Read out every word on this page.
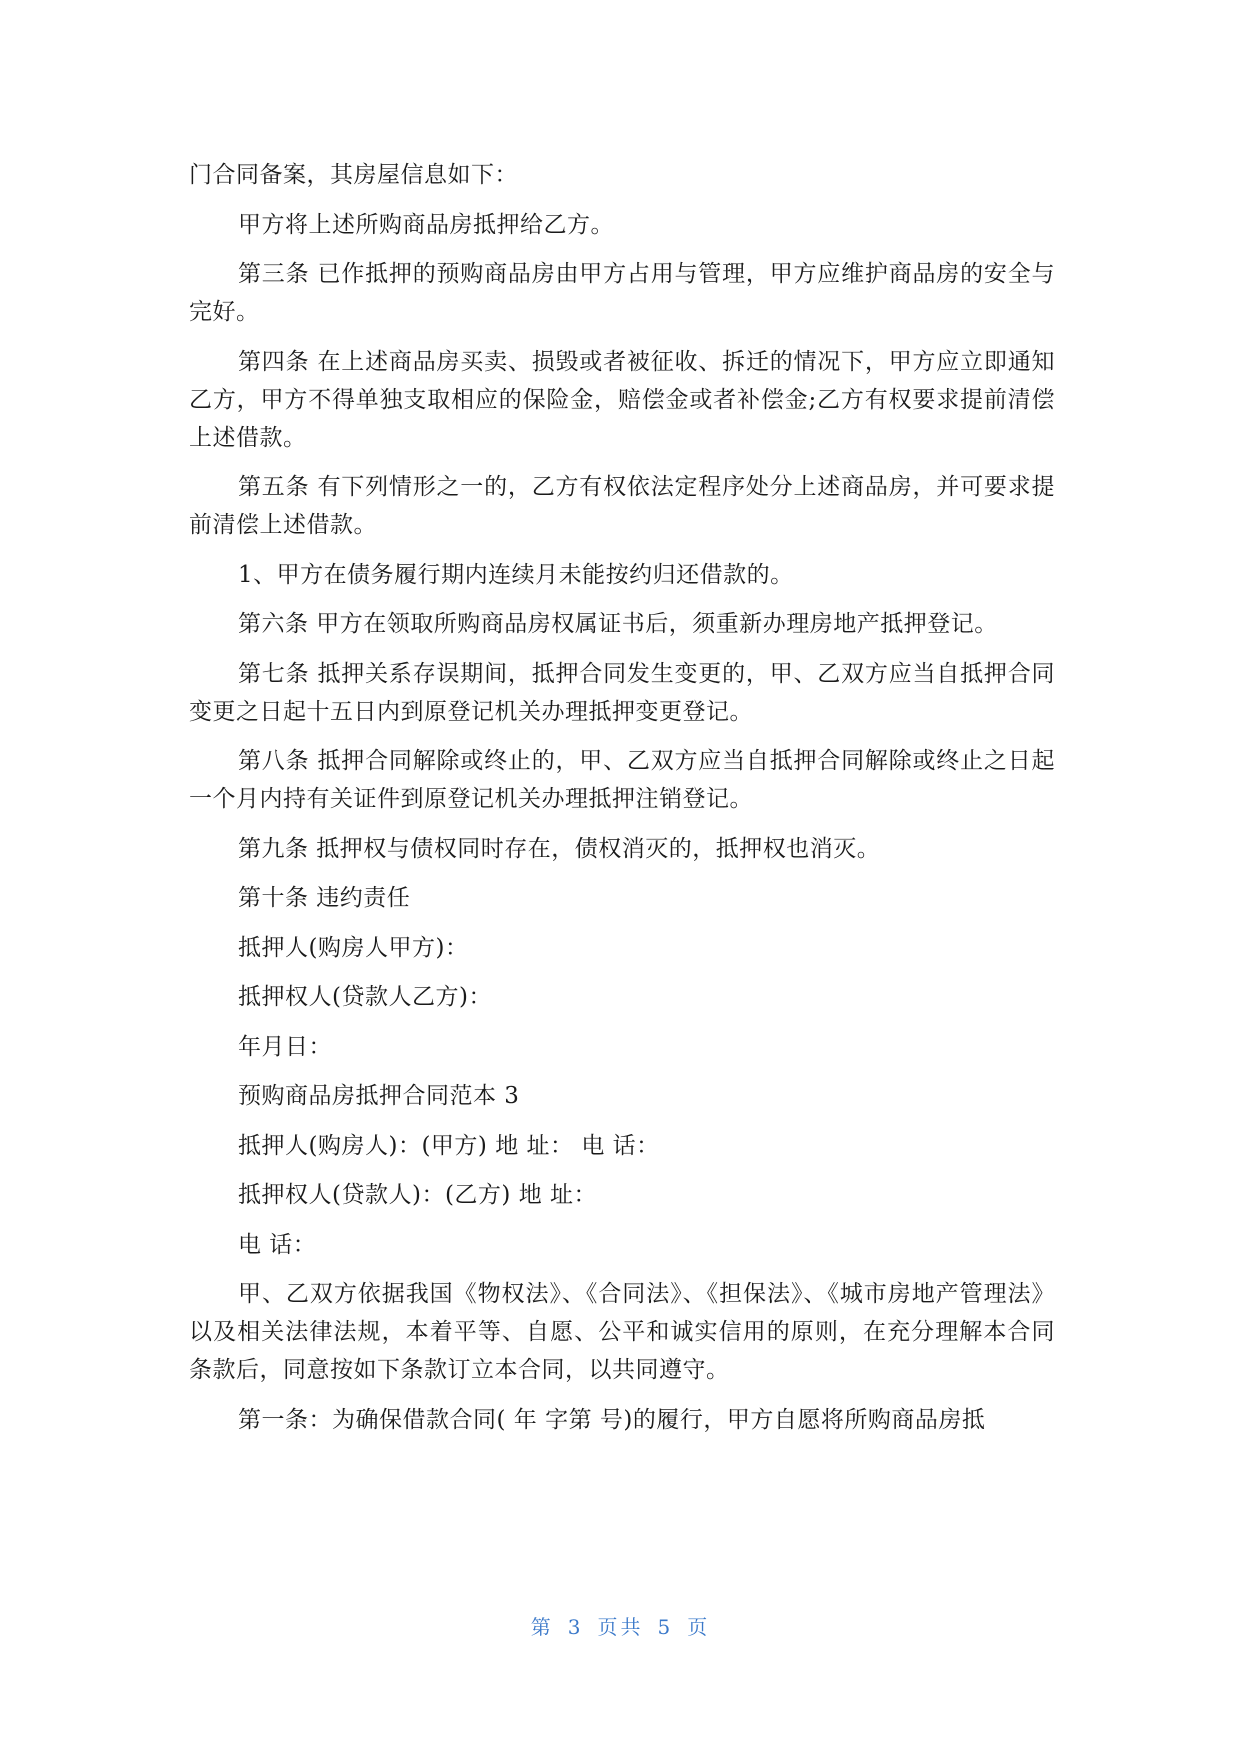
门合同备案，其房屋信息如下：

甲方将上述所购商品房抵押给乙方。

第三条 已作抵押的预购商品房由甲方占用与管理，甲方应维护商品房的安全与完好。

第四条 在上述商品房买卖、损毁或者被征收、拆迁的情况下，甲方应立即通知乙方，甲方不得单独支取相应的保险金，赔偿金或者补偿金;乙方有权要求提前清偿上述借款。

第五条 有下列情形之一的，乙方有权依法定程序处分上述商品房，并可要求提前清偿上述借款。

1、甲方在债务履行期内连续月未能按约归还借款的。

第六条 甲方在领取所购商品房权属证书后，须重新办理房地产抵押登记。

第七条 抵押关系存误期间，抵押合同发生变更的，甲、乙双方应当自抵押合同变更之日起十五日内到原登记机关办理抵押变更登记。

第八条 抵押合同解除或终止的，甲、乙双方应当自抵押合同解除或终止之日起一个月内持有关证件到原登记机关办理抵押注销登记。

第九条 抵押权与债权同时存在，债权消灭的，抵押权也消灭。

第十条 违约责任

抵押人(购房人甲方)：

抵押权人(贷款人乙方)：

年月日：

预购商品房抵押合同范本 3

抵押人(购房人)：(甲方) 地 址： 电 话：

抵押权人(贷款人)：(乙方) 地 址：

电 话：

甲、乙双方依据我国《物权法》、《合同法》、《担保法》、《城市房地产管理法》以及相关法律法规，本着平等、自愿、公平和诚实信用的原则，在充分理解本合同条款后，同意按如下条款订立本合同，以共同遵守。

第一条：为确保借款合同( 年 字第 号)的履行，甲方自愿将所购商品房抵

第 3 页共 5 页
